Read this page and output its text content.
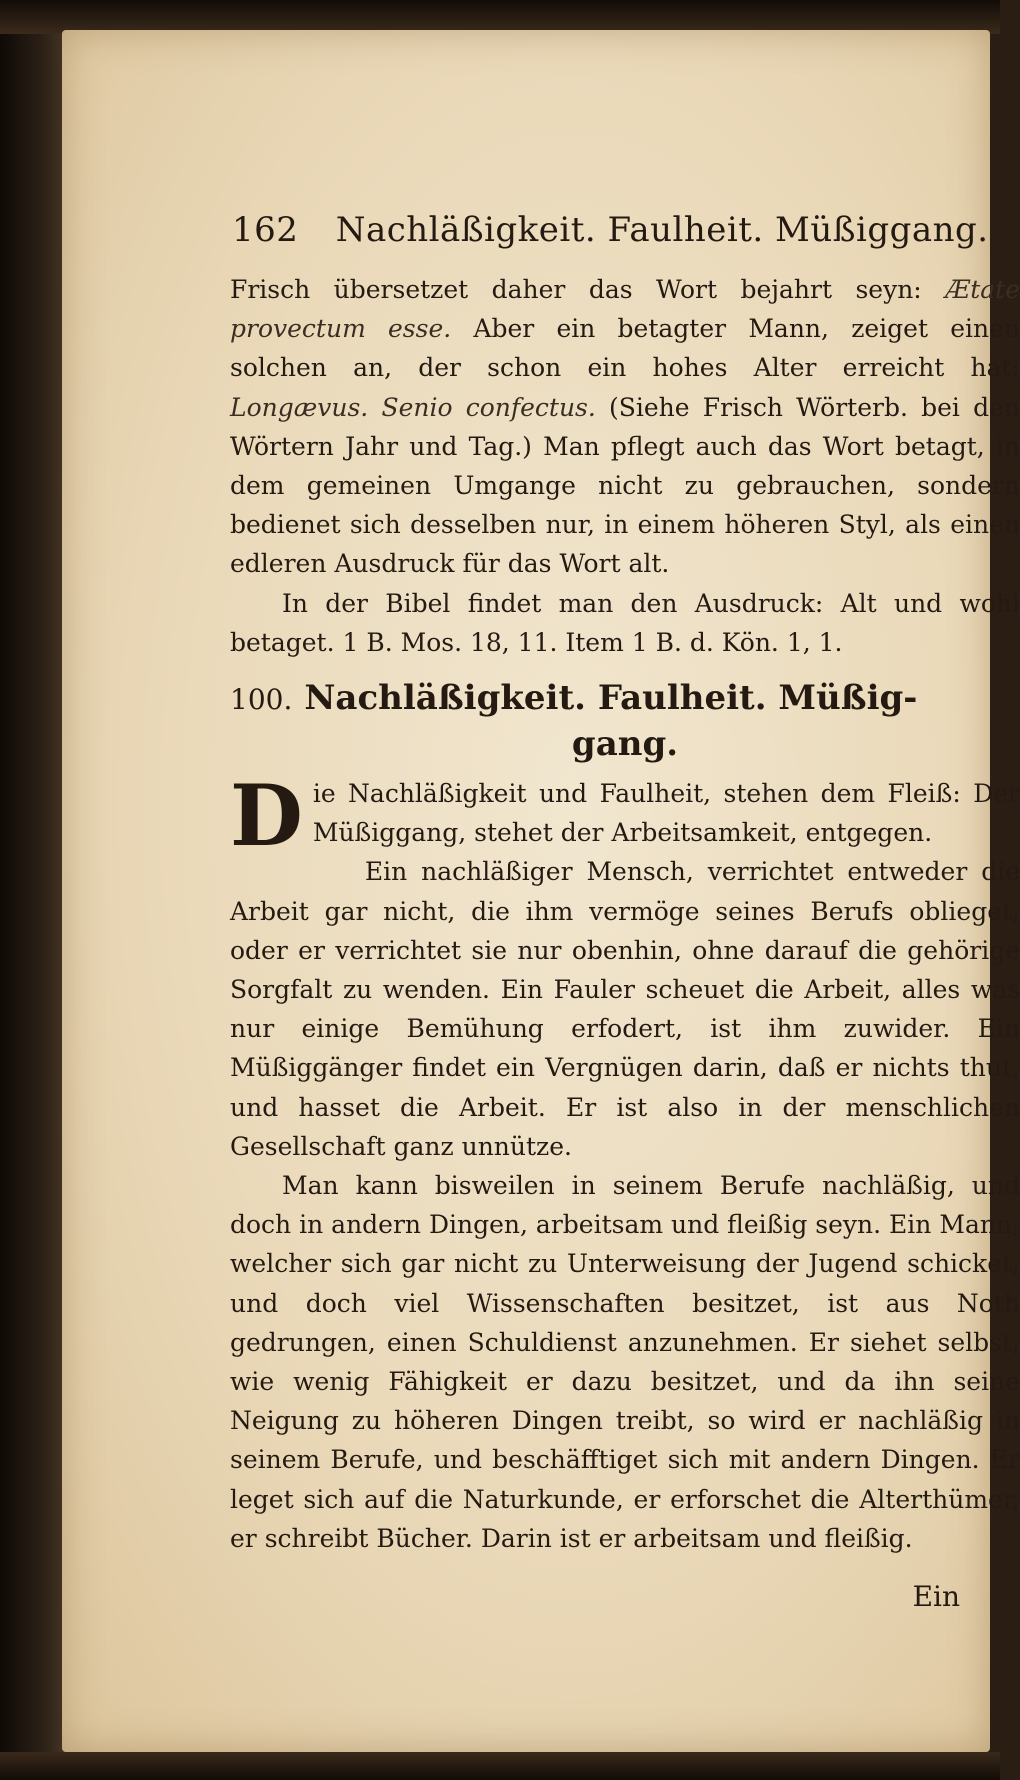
162 Nachläßigkeit. Faulheit. Müßiggang.

Frisch übersetzet daher das Wort bejahrt seyn: Ætate provectum esse. Aber ein betagter Mann, zeiget einen solchen an, der schon ein hohes Alter erreicht hat: Longævus. Senio confectus. (Siehe Frisch Wörterb. bei den Wörtern Jahr und Tag.) Man pflegt auch das Wort betagt, in dem gemeinen Umgange nicht zu gebrauchen, sondern bedienet sich desselben nur, in einem höheren Styl, als einen edleren Ausdruck für das Wort alt.

In der Bibel findet man den Ausdruck: Alt und wohl betaget. 1 B. Mos. 18, 11. Item 1 B. d. Kön. 1, 1.

100. Nachläßigkeit. Faulheit. Müßig-
gang.

Die Nachläßigkeit und Faulheit, stehen dem Fleiß: Der Müßiggang, stehet der Arbeitsamkeit, entgegen.

Ein nachläßiger Mensch, verrichtet entweder die Arbeit gar nicht, die ihm vermöge seines Berufs oblieget, oder er verrichtet sie nur obenhin, ohne darauf die gehörige Sorgfalt zu wenden. Ein Fauler scheuet die Arbeit, alles was nur einige Bemühung erfodert, ist ihm zuwider. Ein Müßiggänger findet ein Vergnügen darin, daß er nichts thut, und hasset die Arbeit. Er ist also in der menschlichen Gesellschaft ganz unnütze.

Man kann bisweilen in seinem Berufe nachläßig, und doch in andern Dingen, arbeitsam und fleißig seyn. Ein Mann, welcher sich gar nicht zu Unterweisung der Jugend schicket, und doch viel Wissenschaften besitzet, ist aus Noth gedrungen, einen Schuldienst anzunehmen. Er siehet selbst, wie wenig Fähigkeit er dazu besitzet, und da ihn seine Neigung zu höheren Dingen treibt, so wird er nachläßig in seinem Berufe, und beschäfftiget sich mit andern Dingen. Er leget sich auf die Naturkunde, er erforschet die Alterthümer, er schreibt Bücher. Darin ist er arbeitsam und fleißig.

Ein
